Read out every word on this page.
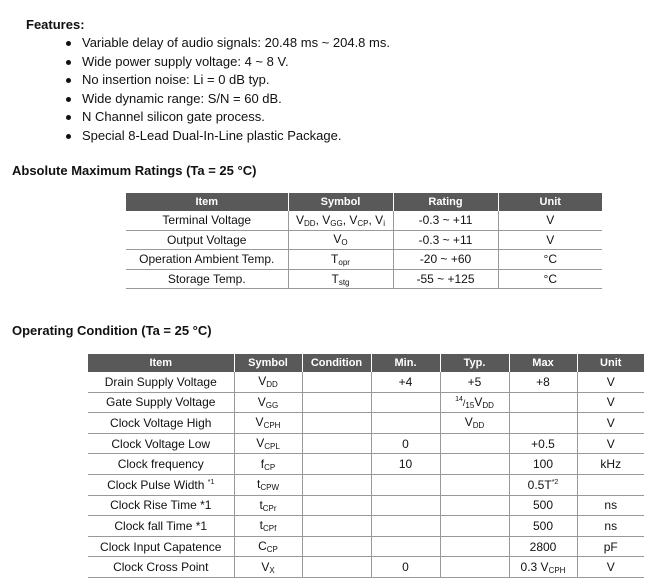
Features:
Variable delay of audio signals: 20.48 ms ~ 204.8 ms.
Wide power supply voltage: 4 ~ 8 V.
No insertion noise: Li = 0 dB typ.
Wide dynamic range: S/N = 60 dB.
N Channel silicon gate process.
Special 8-Lead Dual-In-Line plastic Package.
Absolute Maximum Ratings (Ta = 25 °C)
Item	Symbol	Rating	Unit
Terminal Voltage	$V_{DD}$, $V_{GG}$, $V_{CP}$, $V_i$	-0.3 ~ +11	V
Output Voltage	$V_O$	-0.3 ~ +11	V
Operation Ambient Temp.	$T_{opr}$	-20 ~ +60	°C
Storage Temp.	$T_{stg}$	-55 ~ +125	°C
Operating Condition (Ta = 25 °C)
Item	Symbol	Condition	Min.	Typ.	Max	Unit
Drain Supply Voltage	$V_{DD}$		+4	+5	+8	V
Gate Supply Voltage	$V_{GG}$			$^{14}/_{15}V_{DD}$		V
Clock Voltage High	$V_{CPH}$			$V_{DD}$		V
Clock Voltage Low	$V_{CPL}$		0		+0.5	V
Clock frequency	$f_{CP}$		10		100	kHz
Clock Pulse Width $^{*1}$	$t_{CPW}$				$0.5T^{*2}$	
Clock Rise Time *1	$t_{CPr}$				500	ns
Clock fall Time *1	$t_{CPf}$				500	ns
Clock Input Capatence	$C_{CP}$				2800	pF
Clock Cross Point	$V_X$		0		0.3 $V_{CPH}$	V
